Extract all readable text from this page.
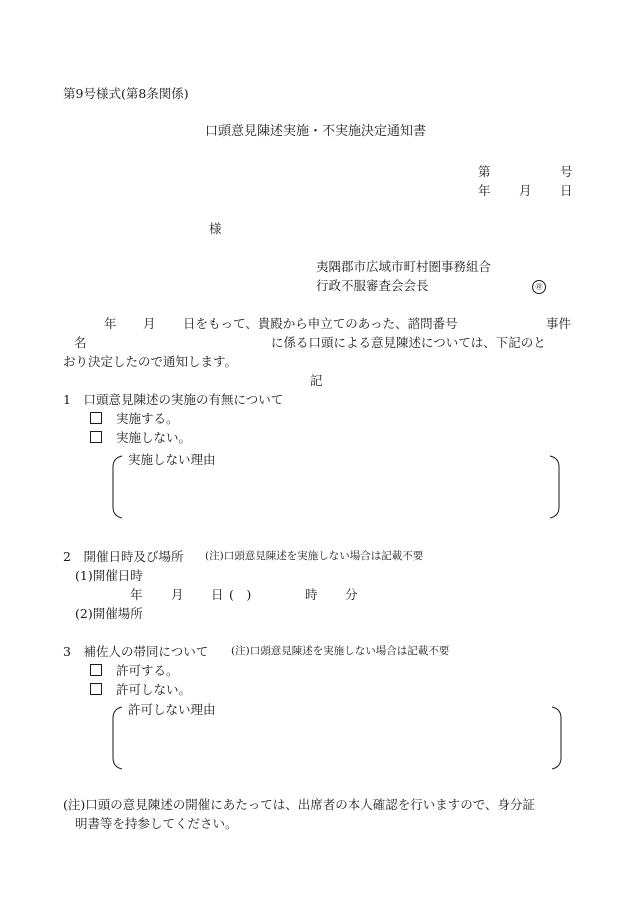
第9号様式(第8条関係)
口頭意見陳述実施・不実施決定通知書
第	号
年 月 日
様
夷隅郡市広域市町村圏事務組合
行政不服審査会会長	㊞
年 月 日をもって、貴殿から申立てのあった、諮問番号	事件
名	に係る口頭による意見陳述については、下記のと
おり決定したので通知します。
記
1　口頭意見陳述の実施の有無について
実施する。
実施しない。
実施しない理由
2　開催日時及び場所 (注)口頭意見陳述を実施しない場合は記載不要
(1)開催日時
年 月 日 (　)	時 分
(2)開催場所
3　補佐人の帯同について (注)口頭意見陳述を実施しない場合は記載不要
許可する。
許可しない。
許可しない理由
(注)口頭の意見陳述の開催にあたっては、出席者の本人確認を行いますので、身分証
明書等を持参してください。
